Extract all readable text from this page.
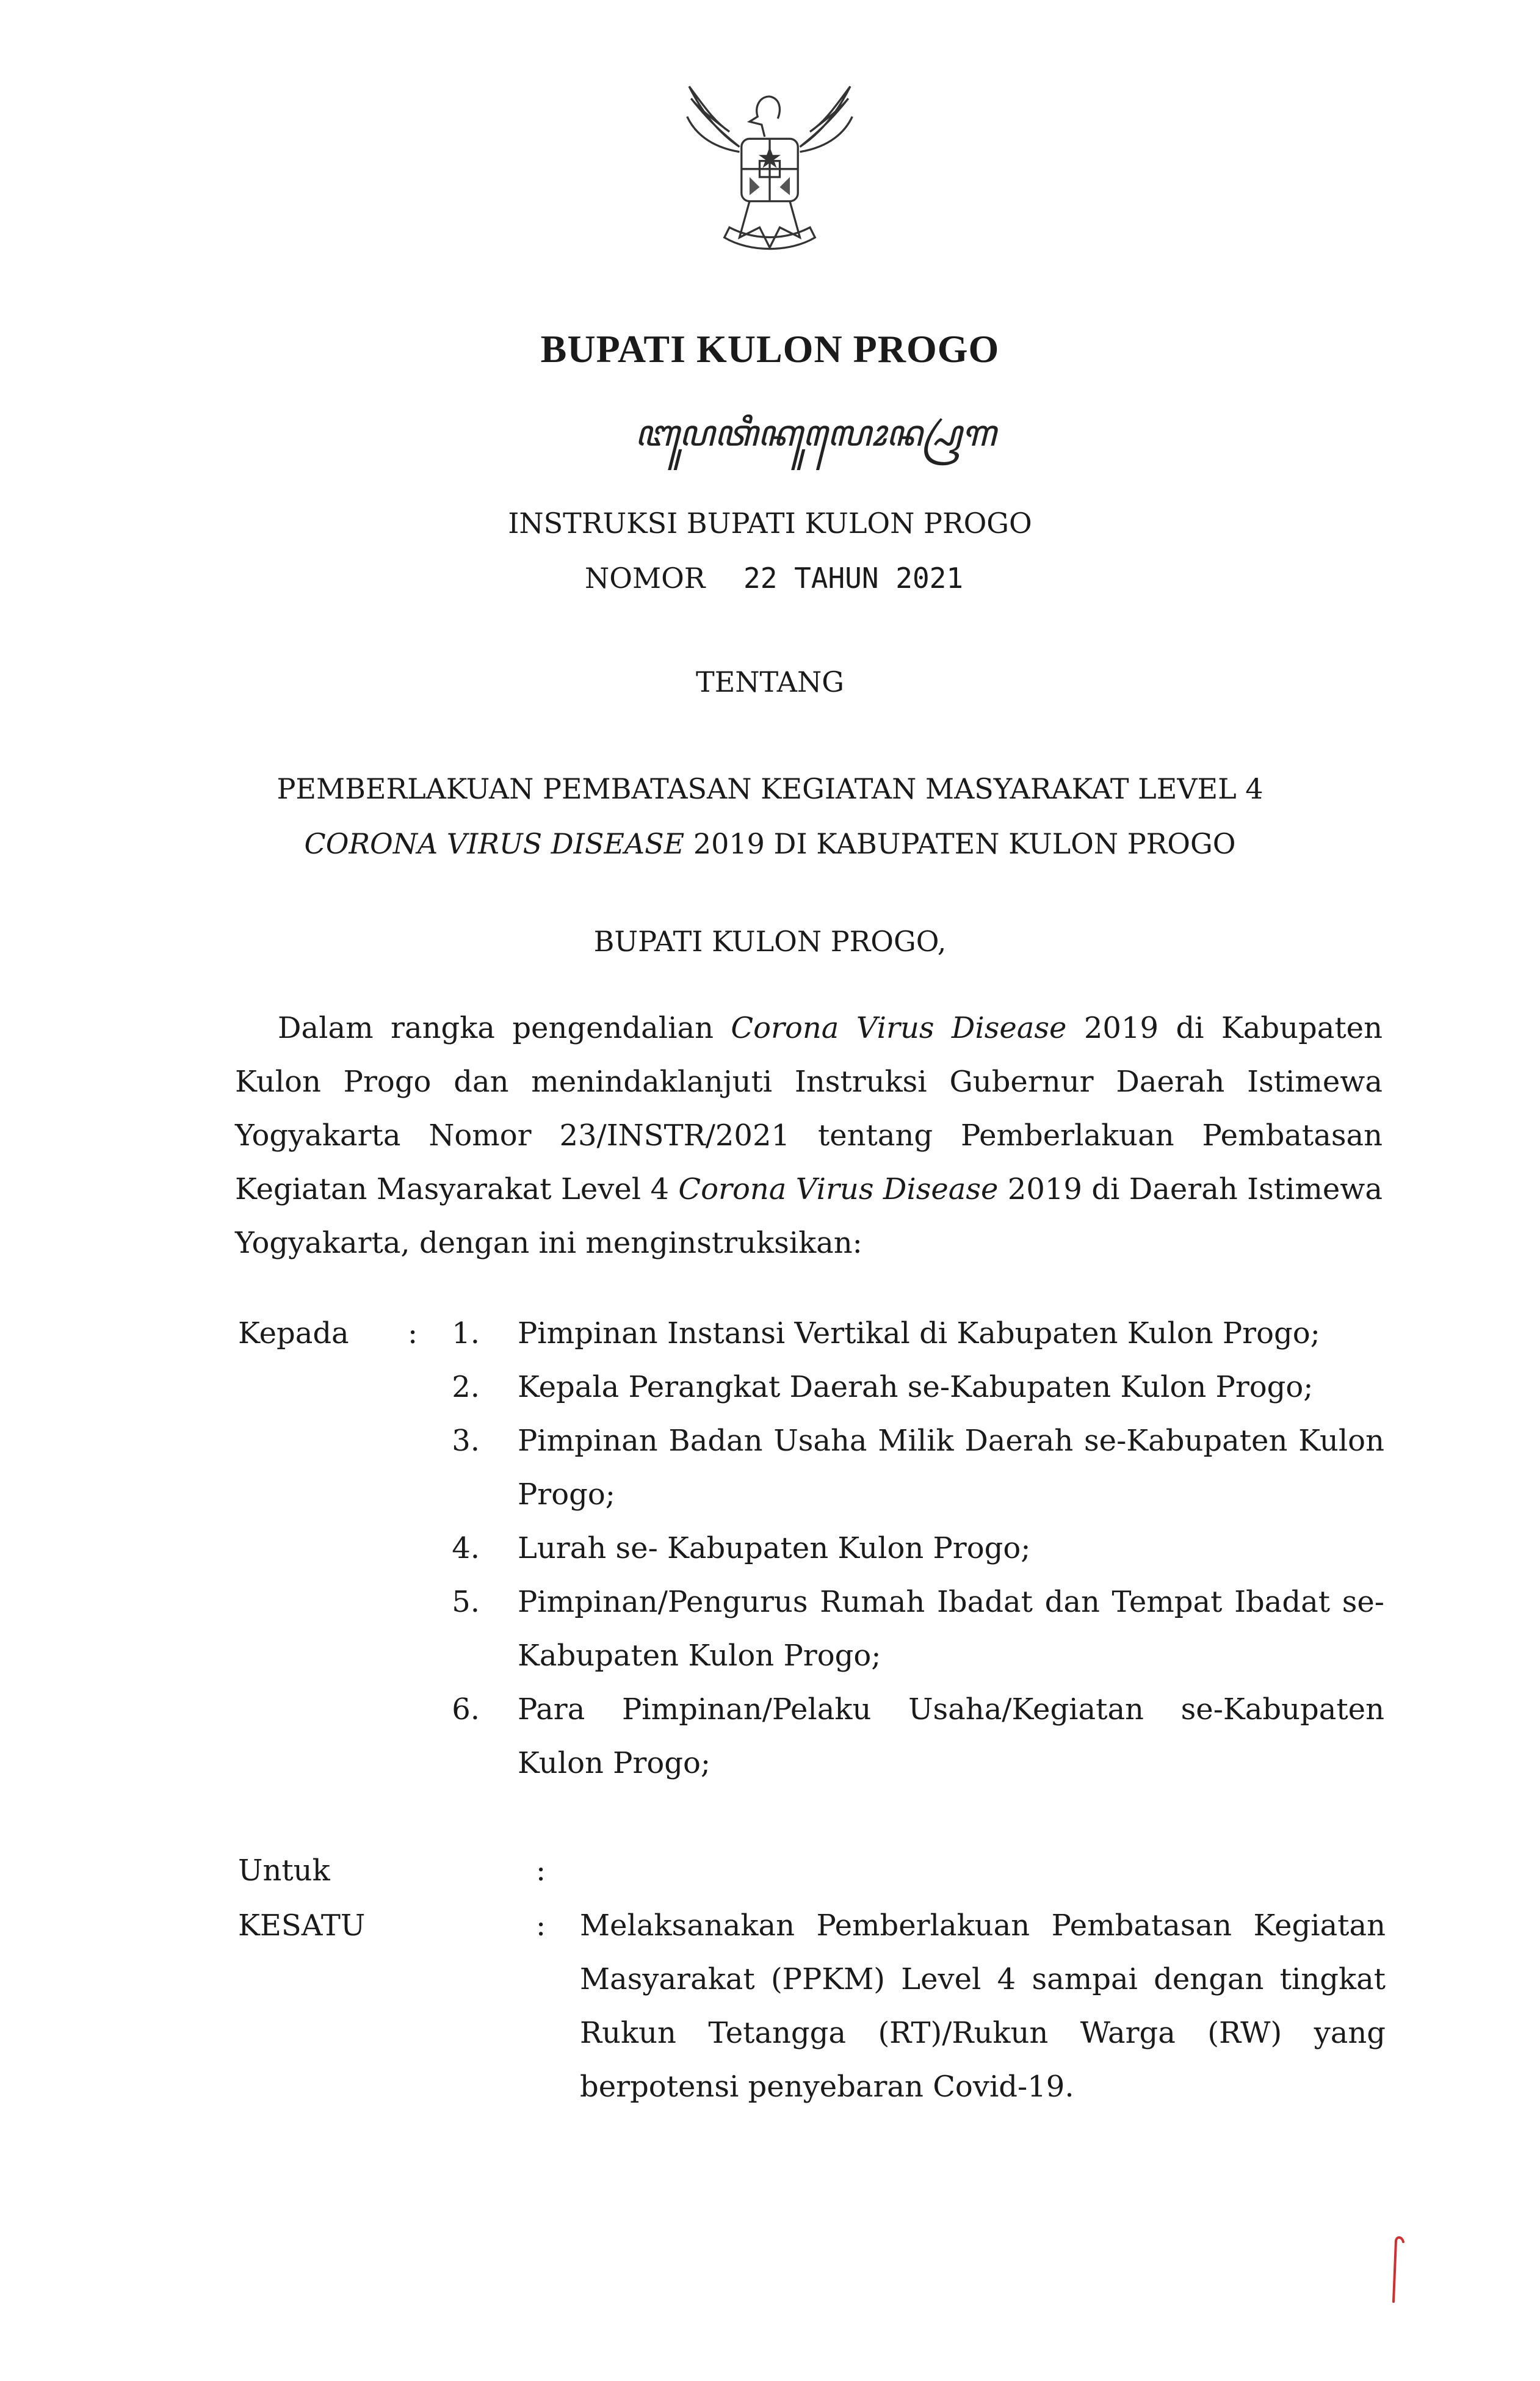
BUPATI KULON PROGO
ꦧꦸꦥꦠꦶꦏꦸꦭꦺꦴꦤ꧀ꦥꦿꦒ
INSTRUKSI BUPATI KULON PROGO
NOMOR 22 TAHUN 2021
TENTANG
PEMBERLAKUAN PEMBATASAN KEGIATAN MASYARAKAT LEVEL 4
CORONA VIRUS DISEASE 2019 DI KABUPATEN KULON PROGO
BUPATI KULON PROGO,
Dalam rangka pengendalian Corona Virus Disease 2019 di Kabupaten Kulon Progo dan menindaklanjuti Instruksi Gubernur Daerah Istimewa Yogyakarta Nomor 23/INSTR/2021 tentang Pemberlakuan Pembatasan Kegiatan Masyarakat Level 4 Corona Virus Disease 2019 di Daerah Istimewa Yogyakarta, dengan ini menginstruksikan:
Kepada :	1.	Pimpinan Instansi Vertikal di Kabupaten Kulon Progo;
2.	Kepala Perangkat Daerah se-Kabupaten Kulon Progo;
3.	Pimpinan Badan Usaha Milik Daerah se-Kabupaten Kulon Progo;
4.	Lurah se- Kabupaten Kulon Progo;
5.	Pimpinan/Pengurus Rumah Ibadat dan Tempat Ibadat se-Kabupaten Kulon Progo;
6.	Para Pimpinan/Pelaku Usaha/Kegiatan se-Kabupaten Kulon Progo;
Untuk	:
KESATU	: Melaksanakan Pemberlakuan Pembatasan Kegiatan Masyarakat (PPKM) Level 4 sampai dengan tingkat Rukun Tetangga (RT)/Rukun Warga (RW) yang berpotensi penyebaran Covid-19.
